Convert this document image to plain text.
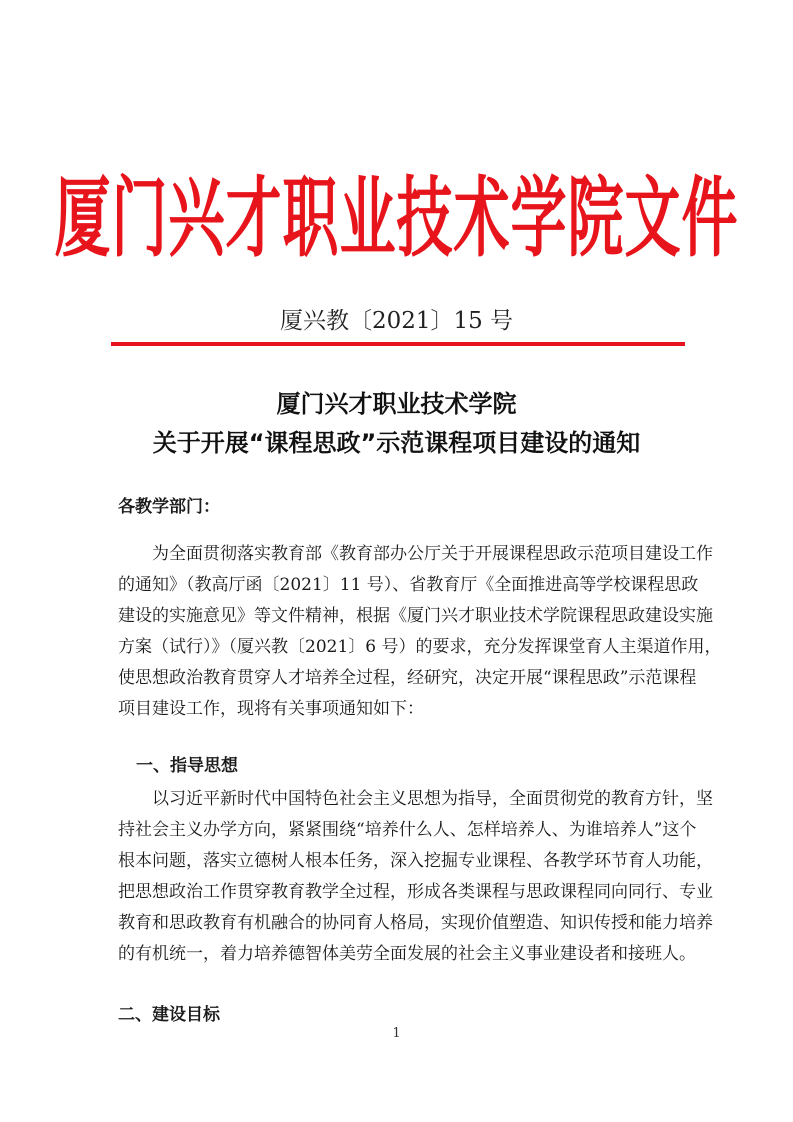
厦门兴才职业技术学院文件
厦兴教〔2021〕15 号
厦门兴才职业技术学院
关于开展“课程思政”示范课程项目建设的通知
各教学部门：
为全面贯彻落实教育部《教育部办公厅关于开展课程思政示范项目建设工作
的通知》（教高厅函〔2021〕11 号）、省教育厅《全面推进高等学校课程思政
建设的实施意见》等文件精神，根据《厦门兴才职业技术学院课程思政建设实施
方案（试行）》（厦兴教〔2021〕6 号）的要求，充分发挥课堂育人主渠道作用，
使思想政治教育贯穿人才培养全过程，经研究，决定开展“课程思政”示范课程
项目建设工作，现将有关事项通知如下：
一、指导思想
以习近平新时代中国特色社会主义思想为指导，全面贯彻党的教育方针，坚
持社会主义办学方向，紧紧围绕“培养什么人、怎样培养人、为谁培养人”这个
根本问题，落实立德树人根本任务，深入挖掘专业课程、各教学环节育人功能，
把思想政治工作贯穿教育教学全过程，形成各类课程与思政课程同向同行、专业
教育和思政教育有机融合的协同育人格局，实现价值塑造、知识传授和能力培养
的有机统一，着力培养德智体美劳全面发展的社会主义事业建设者和接班人。
二、建设目标
1
